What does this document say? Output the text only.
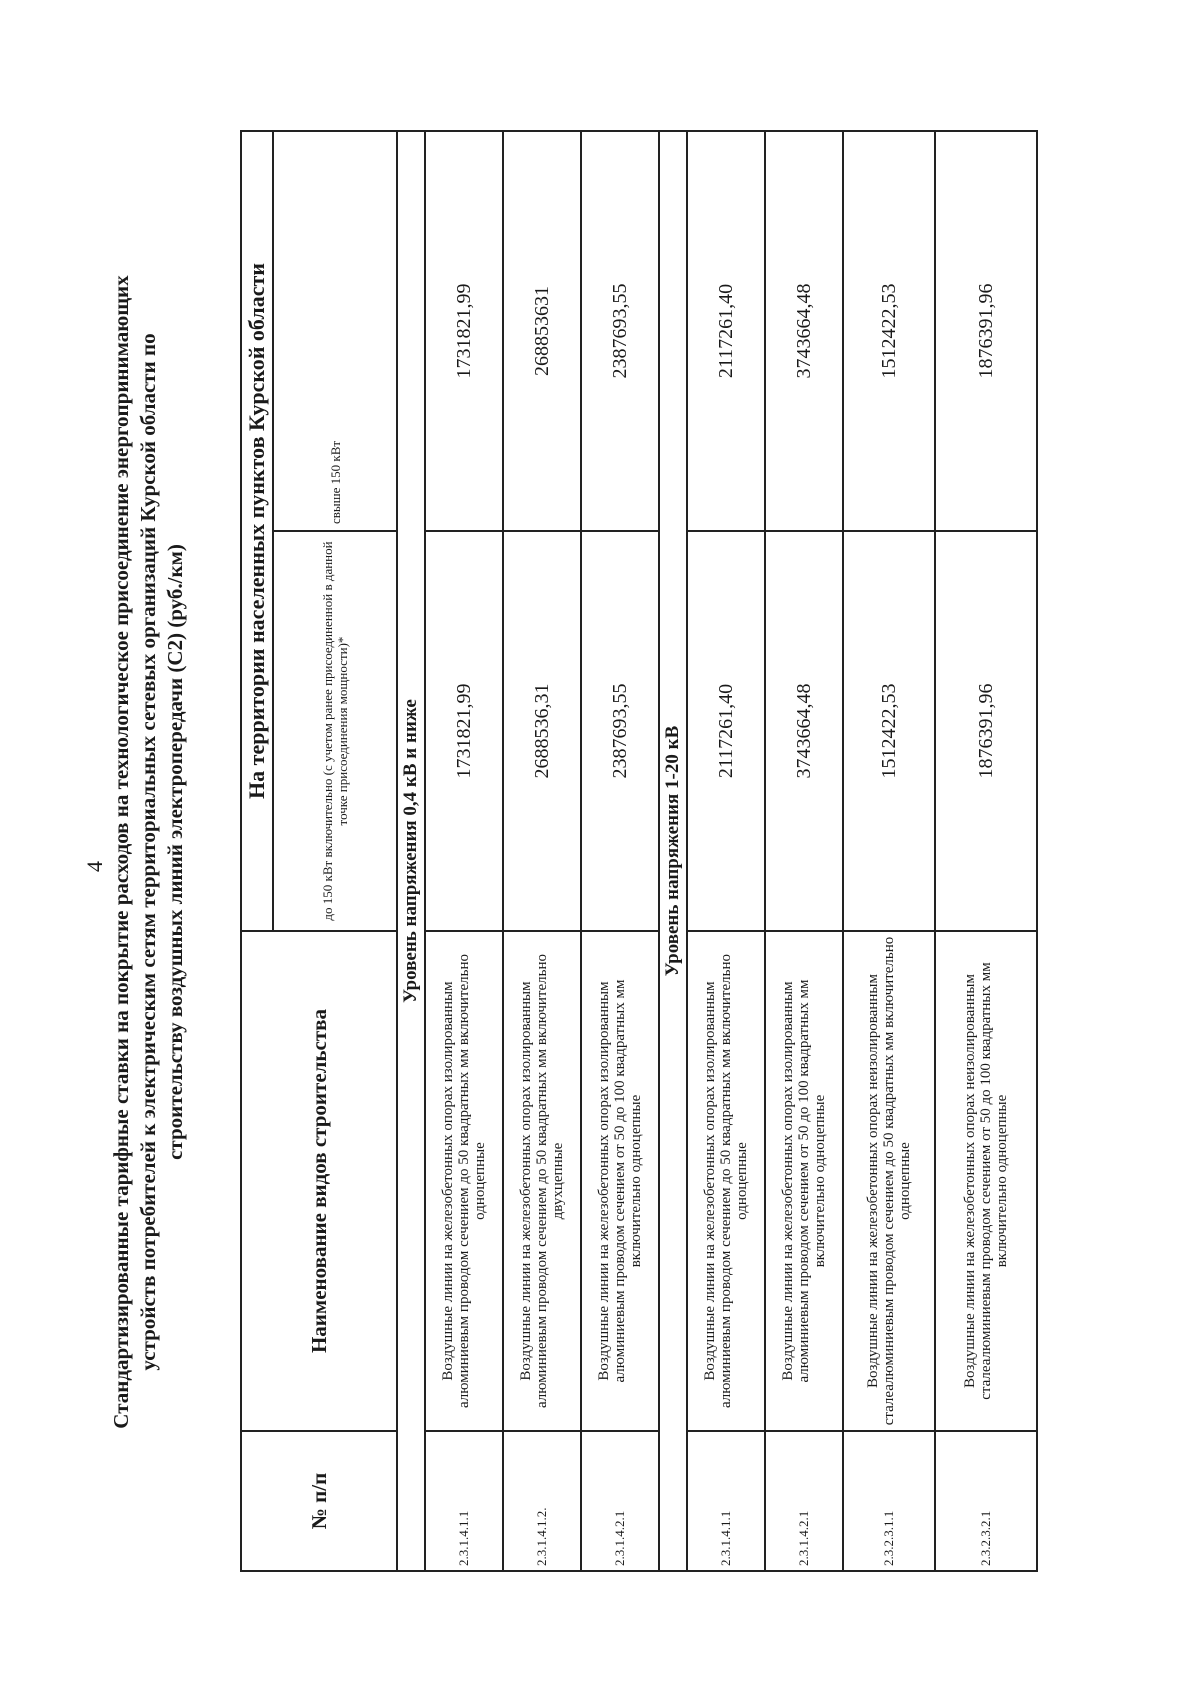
4 Стандартизированные тарифные ставки на покрытие расходов на технологическое присоединение энергопринимающих устройств потребителей к электрическим сетям территориальных сетевых организаций Курской области по строительству воздушных линий электропередачи (С2) (руб./км)
№ п/п	Наименование видов строительства	На территории населенных пунктов Курской области	
		до 150 кВт включительно (с учетом ранее присоединенной в данной точке присоединения мощности)*	свыше 150 кВт
Уровень напряжения 0,4 кВ и ниже			
2.3.1.4.1.1	Воздушные линии на железобетонных опорах изолированным алюминиевым проводом сечением до 50 квадратных мм включительно одноцепные	1731821,99	1731821,99
2.3.1.4.1.2.	Воздушные линии на железобетонных опорах изолированным алюминиевым проводом сечением до 50 квадратных мм включительно двухцепные	2688536,31	268853631
2.3.1.4.2.1	Воздушные линии на железобетонных опорах изолированным алюминиевым проводом сечением от 50 до 100 квадратных мм включительно одноцепные	2387693,55	2387693,55
Уровень напряжения 1-20 кВ			
2.3.1.4.1.1	Воздушные линии на железобетонных опорах изолированным алюминиевым проводом сечением до 50 квадратных мм включительно одноцепные	2117261,40	2117261,40
2.3.1.4.2.1	Воздушные линии на железобетонных опорах изолированным алюминиевым проводом сечением от 50 до 100 квадратных мм включительно одноцепные	3743664,48	3743664,48
2.3.2.3.1.1	Воздушные линии на железобетонных опорах неизолированным сталеалюминиевым проводом сечением до 50 квадратных мм включительно одноцепные	1512422,53	1512422,53
2.3.2.3.2.1	Воздушные линии на железобетонных опорах неизолированным сталеалюминиевым проводом сечением от 50 до 100 квадратных мм включительно одноцепные	1876391,96	1876391,96
